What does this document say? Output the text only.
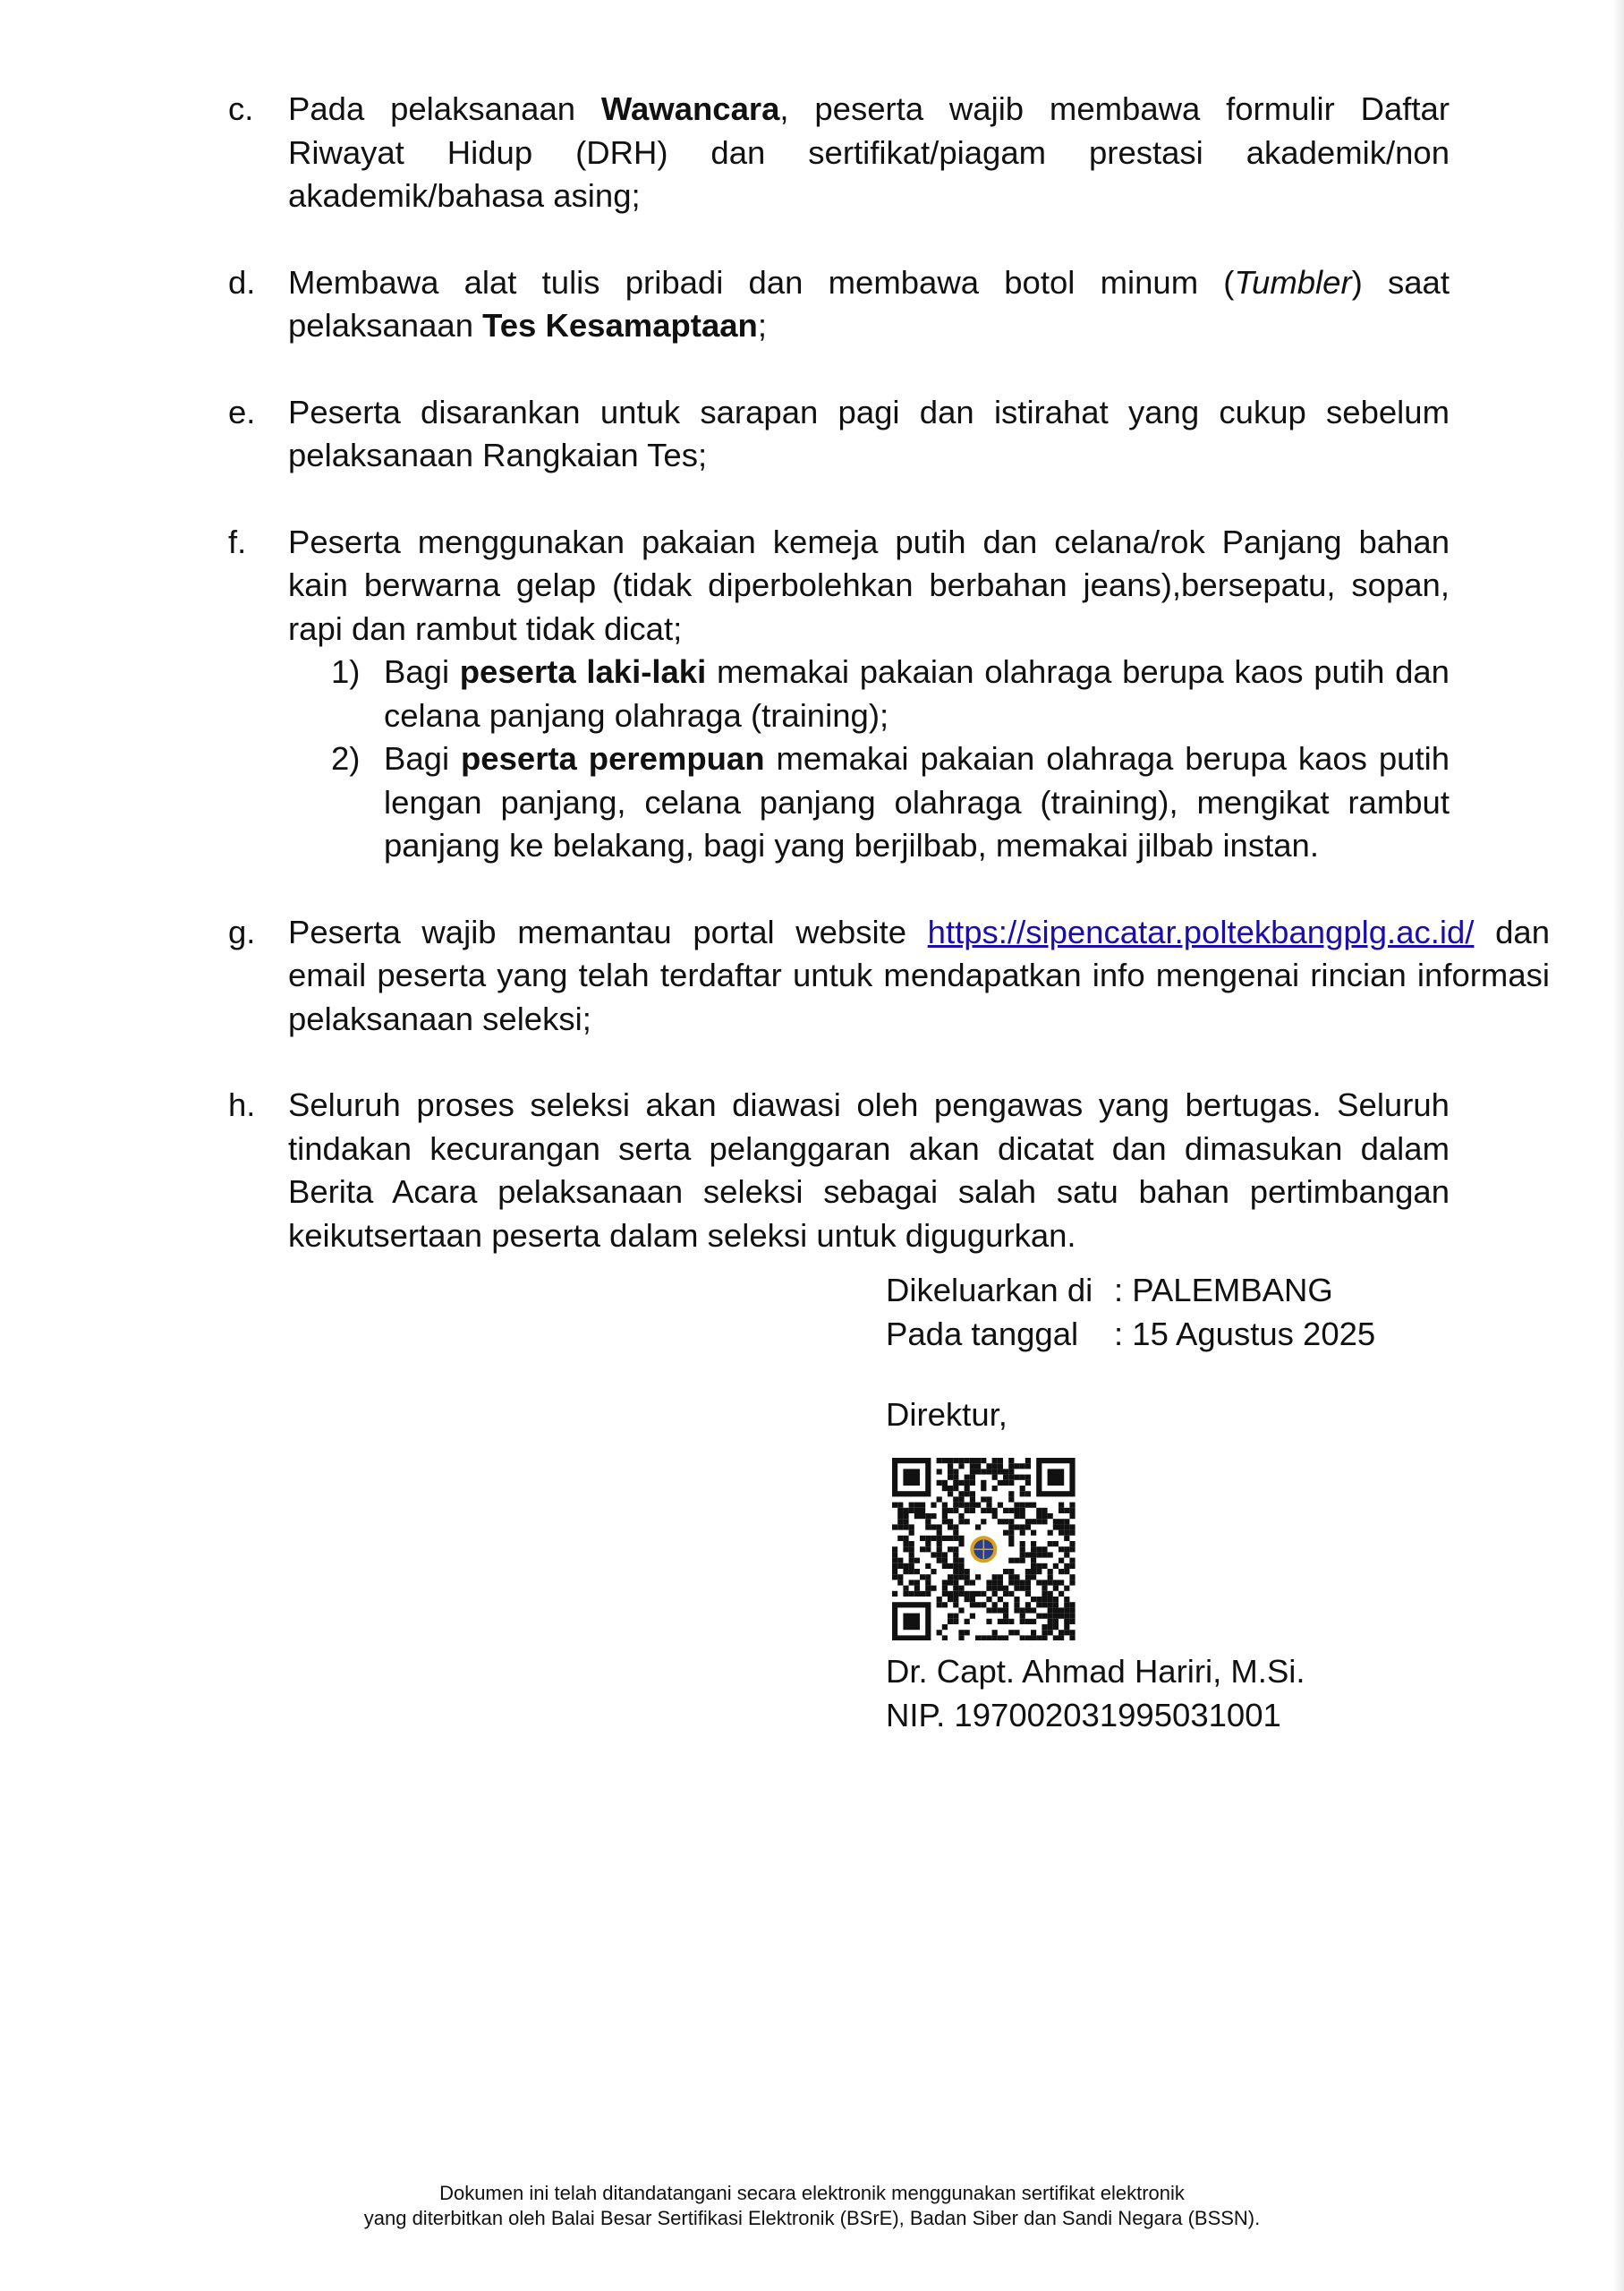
c. Pada pelaksanaan Wawancara, peserta wajib membawa formulir Daftar Riwayat Hidup (DRH) dan sertifikat/piagam prestasi akademik/non akademik/bahasa asing;

d. Membawa alat tulis pribadi dan membawa botol minum (Tumbler) saat pelaksanaan Tes Kesamaptaan;

e. Peserta disarankan untuk sarapan pagi dan istirahat yang cukup sebelum pelaksanaan Rangkaian Tes;

f. Peserta menggunakan pakaian kemeja putih dan celana/rok Panjang bahan kain berwarna gelap (tidak diperbolehkan berbahan jeans),bersepatu, sopan, rapi dan rambut tidak dicat;

1) Bagi peserta laki-laki memakai pakaian olahraga berupa kaos putih dan celana panjang olahraga (training);

2) Bagi peserta perempuan memakai pakaian olahraga berupa kaos putih lengan panjang, celana panjang olahraga (training), mengikat rambut panjang ke belakang, bagi yang berjilbab, memakai jilbab instan.

g. Peserta wajib memantau portal website https://sipencatar.poltekbangplg.ac.id/ dan email peserta yang telah terdaftar untuk mendapatkan info mengenai rincian informasi pelaksanaan seleksi;

h. Seluruh proses seleksi akan diawasi oleh pengawas yang bertugas. Seluruh tindakan kecurangan serta pelanggaran akan dicatat dan dimasukan dalam Berita Acara pelaksanaan seleksi sebagai salah satu bahan pertimbangan keikutsertaan peserta dalam seleksi untuk digugurkan.

Dikeluarkan di : PALEMBANG
Pada tanggal	: 15 Agustus 2025
Direktur,
Dr. Capt. Ahmad Hariri, M.Si.
NIP. 197002031995031001
Dokumen ini telah ditandatangani secara elektronik menggunakan sertifikat elektronik
yang diterbitkan oleh Balai Besar Sertifikasi Elektronik (BSrE), Badan Siber dan Sandi Negara (BSSN).
